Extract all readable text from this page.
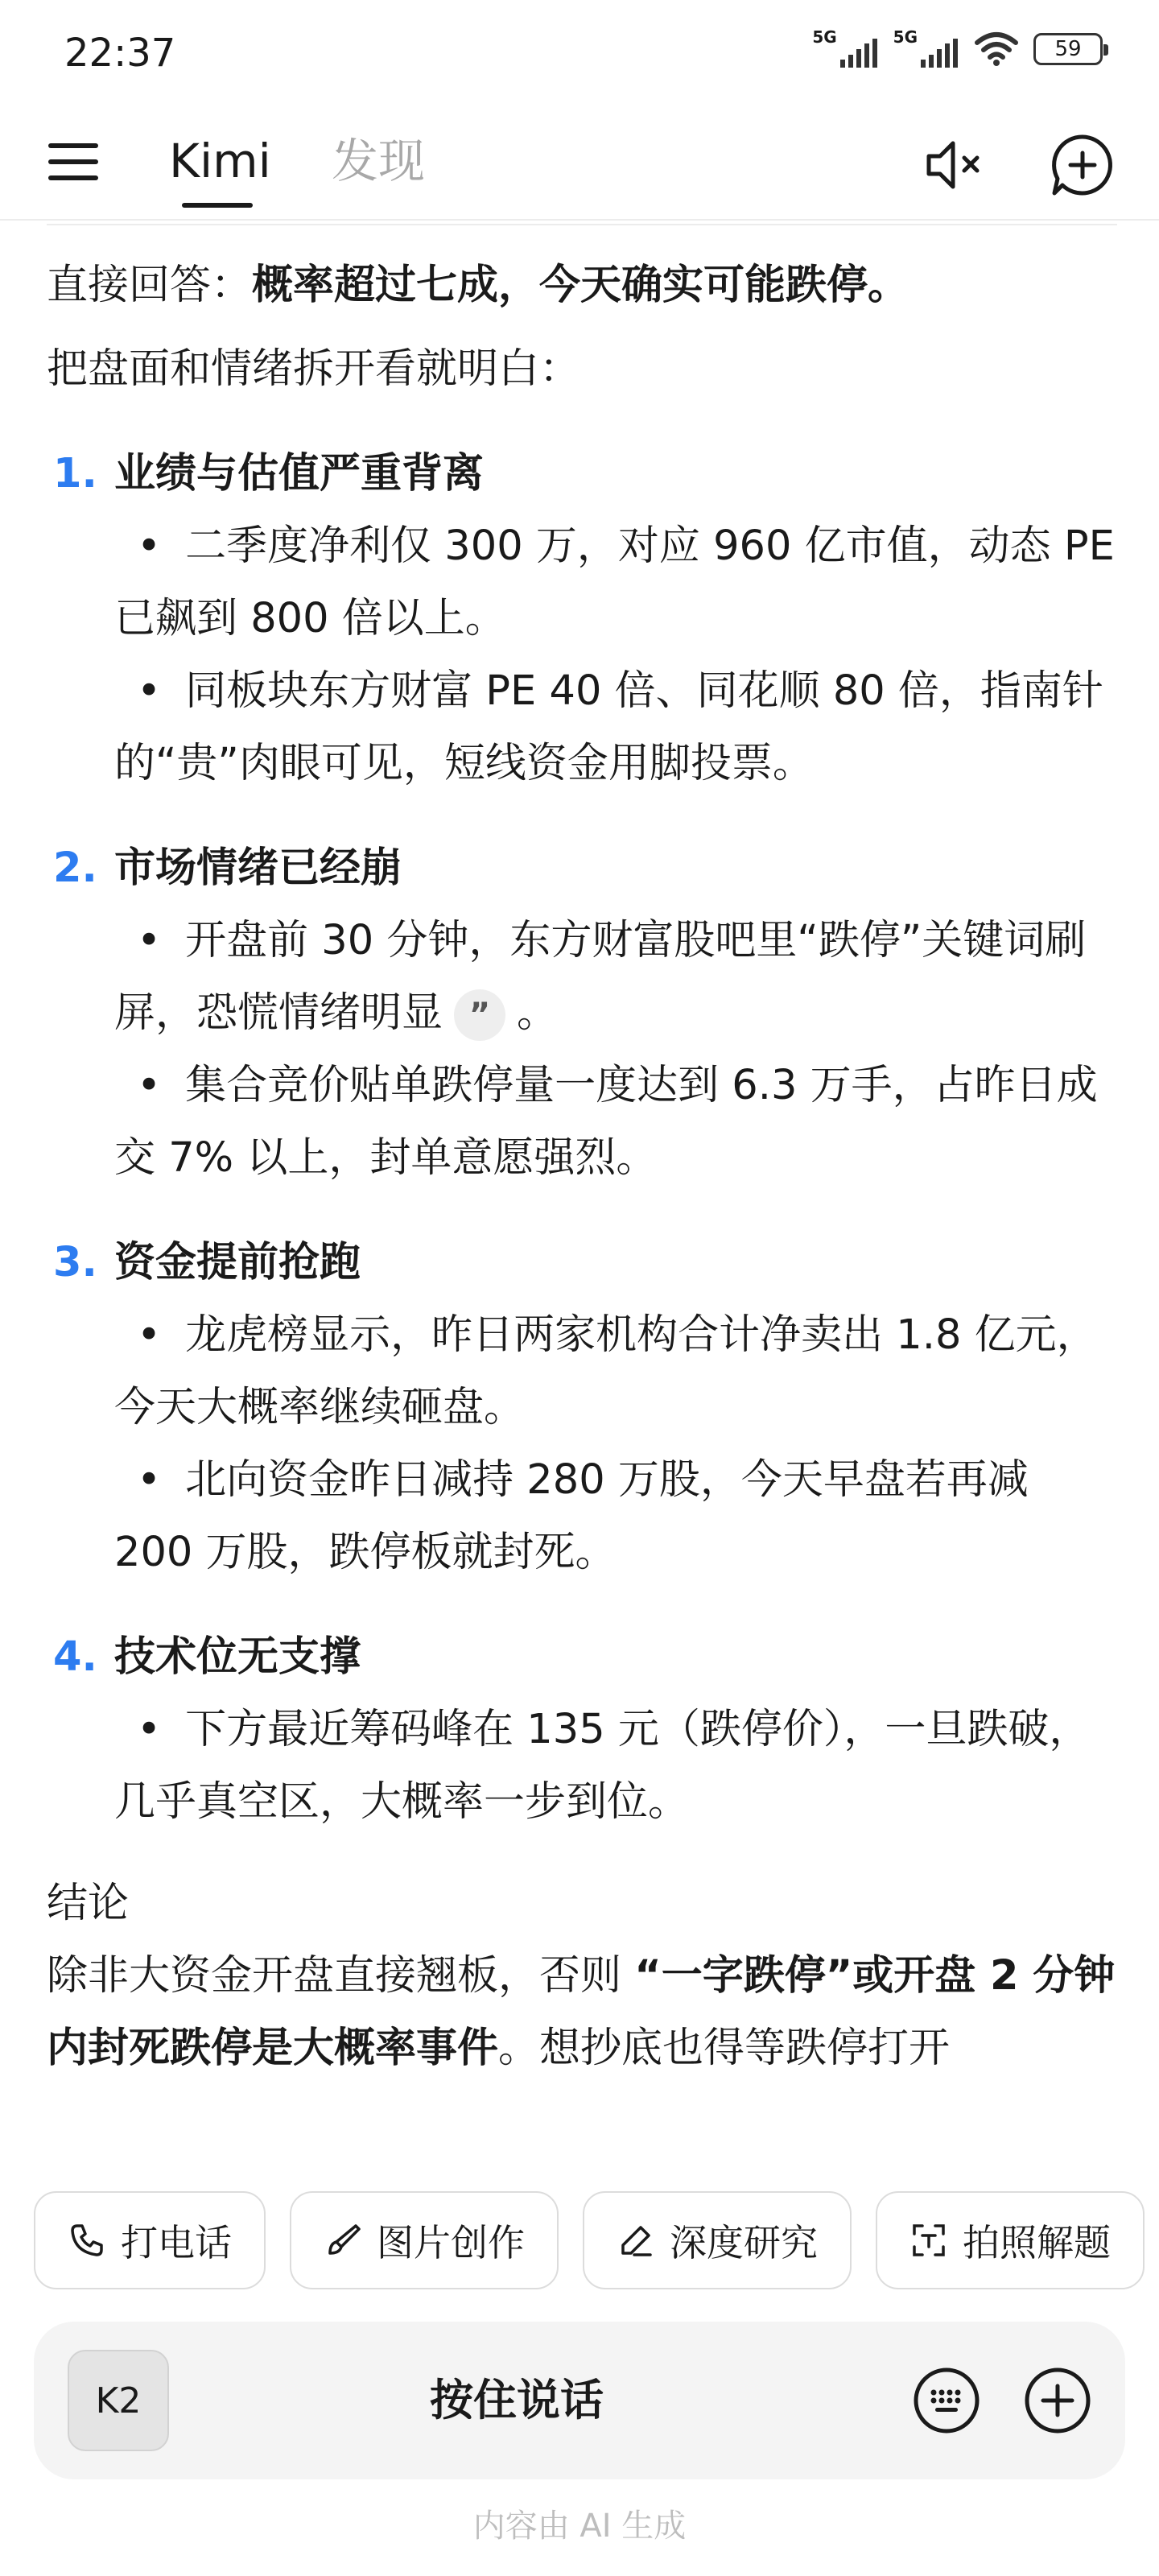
22:37	5G	5G	59
Kimi 发现

直接回答：概率超过七成，今天确实可能跌停。

把盘面和情绪拆开看就明白：

1. 业绩与估值严重背离
• 二季度净利仅 300 万，对应 960 亿市值，动态 PE 已飙到 800 倍以上。
• 同板块东方财富 PE 40 倍、同花顺 80 倍，指南针的“贵”肉眼可见，短线资金用脚投票。
2. 市场情绪已经崩
• 开盘前 30 分钟，东方财富股吧里“跌停”关键词刷屏，恐慌情绪明显 ” 。
• 集合竞价贴单跌停量一度达到 6.3 万手，占昨日成交 7% 以上，封单意愿强烈。
3. 资金提前抢跑
• 龙虎榜显示，昨日两家机构合计净卖出 1.8 亿元，今天大概率继续砸盘。
• 北向资金昨日减持 280 万股，今天早盘若再减 200 万股，跌停板就封死。
4. 技术位无支撑
• 下方最近筹码峰在 135 元（跌停价），一旦跌破，几乎真空区，大概率一步到位。

结论

除非大资金开盘直接翘板，否则 “一字跌停”或开盘 2 分钟内封死跌停是大概率事件。想抄底也得等跌停打开

打电话	图片创作	深度研究	拍照解题
K2	按住说话
内容由 AI 生成
